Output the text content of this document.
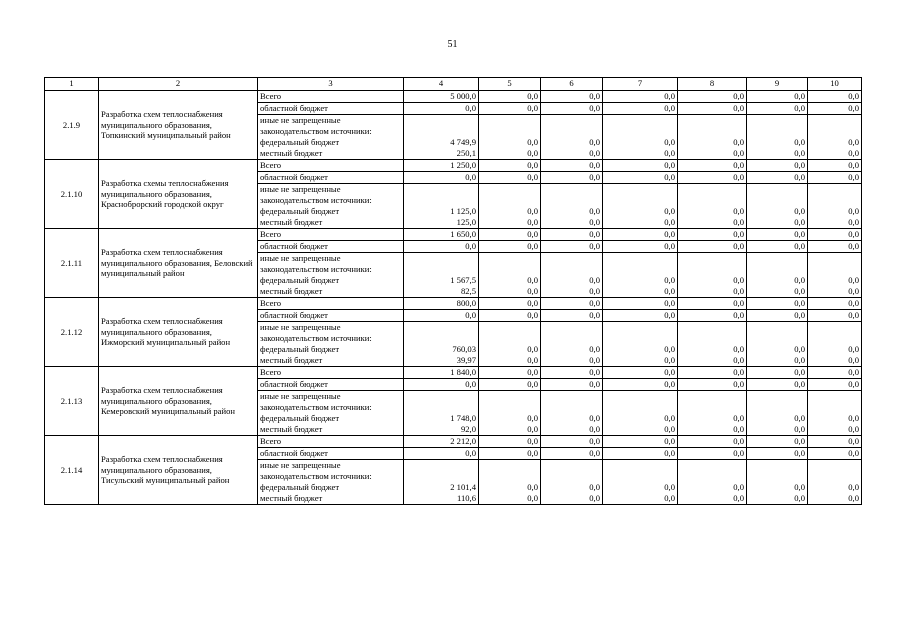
51
1	2	3	4	5	6	7	8	9	10
2.1.9	Разработка схем теплоснабжения муниципального образования, Топкинский муниципальный район	Всего	5 000,0	0,0	0,0	0,0	0,0	0,0	0,0
		областной бюджет	0,0	0,0	0,0	0,0	0,0	0,0	0,0
		иные не запрещенные							
		законодательством источники:							
		федеральный бюджет	4 749,9	0,0	0,0	0,0	0,0	0,0	0,0
		местный бюджет	250,1	0,0	0,0	0,0	0,0	0,0	0,0
2.1.10	Разработка схемы теплоснабжения муниципального образования, Красноброрский городской округ	Всего	1 250,0	0,0	0,0	0,0	0,0	0,0	0,0
		областной бюджет	0,0	0,0	0,0	0,0	0,0	0,0	0,0
		иные не запрещенные							
		законодательством источники:							
		федеральный бюджет	1 125,0	0,0	0,0	0,0	0,0	0,0	0,0
		местный бюджет	125,0	0,0	0,0	0,0	0,0	0,0	0,0
2.1.11	Разработка схем теплоснабжения муниципального образования, Беловский муниципальный район	Всего	1 650,0	0,0	0,0	0,0	0,0	0,0	0,0
		областной бюджет	0,0	0,0	0,0	0,0	0,0	0,0	0,0
		иные не запрещенные							
		законодательством источники:							
		федеральный бюджет	1 567,5	0,0	0,0	0,0	0,0	0,0	0,0
		местный бюджет	82,5	0,0	0,0	0,0	0,0	0,0	0,0
2.1.12	Разработка схем теплоснабжения муниципального образования, Ижморский муниципальный район	Всего	800,0	0,0	0,0	0,0	0,0	0,0	0,0
		областной бюджет	0,0	0,0	0,0	0,0	0,0	0,0	0,0
		иные не запрещенные							
		законодательством источники:							
		федеральный бюджет	760,03	0,0	0,0	0,0	0,0	0,0	0,0
		местный бюджет	39,97	0,0	0,0	0,0	0,0	0,0	0,0
2.1.13	Разработка схем теплоснабжения муниципального образования, Кемеровский муниципальный район	Всего	1 840,0	0,0	0,0	0,0	0,0	0,0	0,0
		областной бюджет	0,0	0,0	0,0	0,0	0,0	0,0	0,0
		иные не запрещенные							
		законодательством источники:							
		федеральный бюджет	1 748,0	0,0	0,0	0,0	0,0	0,0	0,0
		местный бюджет	92,0	0,0	0,0	0,0	0,0	0,0	0,0
2.1.14	Разработка схем теплоснабжения муниципального образования, Тисульский муниципальный район	Всего	2 212,0	0,0	0,0	0,0	0,0	0,0	0,0
		областной бюджет	0,0	0,0	0,0	0,0	0,0	0,0	0,0
		иные не запрещенные							
		законодательством источники:							
		федеральный бюджет	2 101,4	0,0	0,0	0,0	0,0	0,0	0,0
		местный бюджет	110,6	0,0	0,0	0,0	0,0	0,0	0,0
